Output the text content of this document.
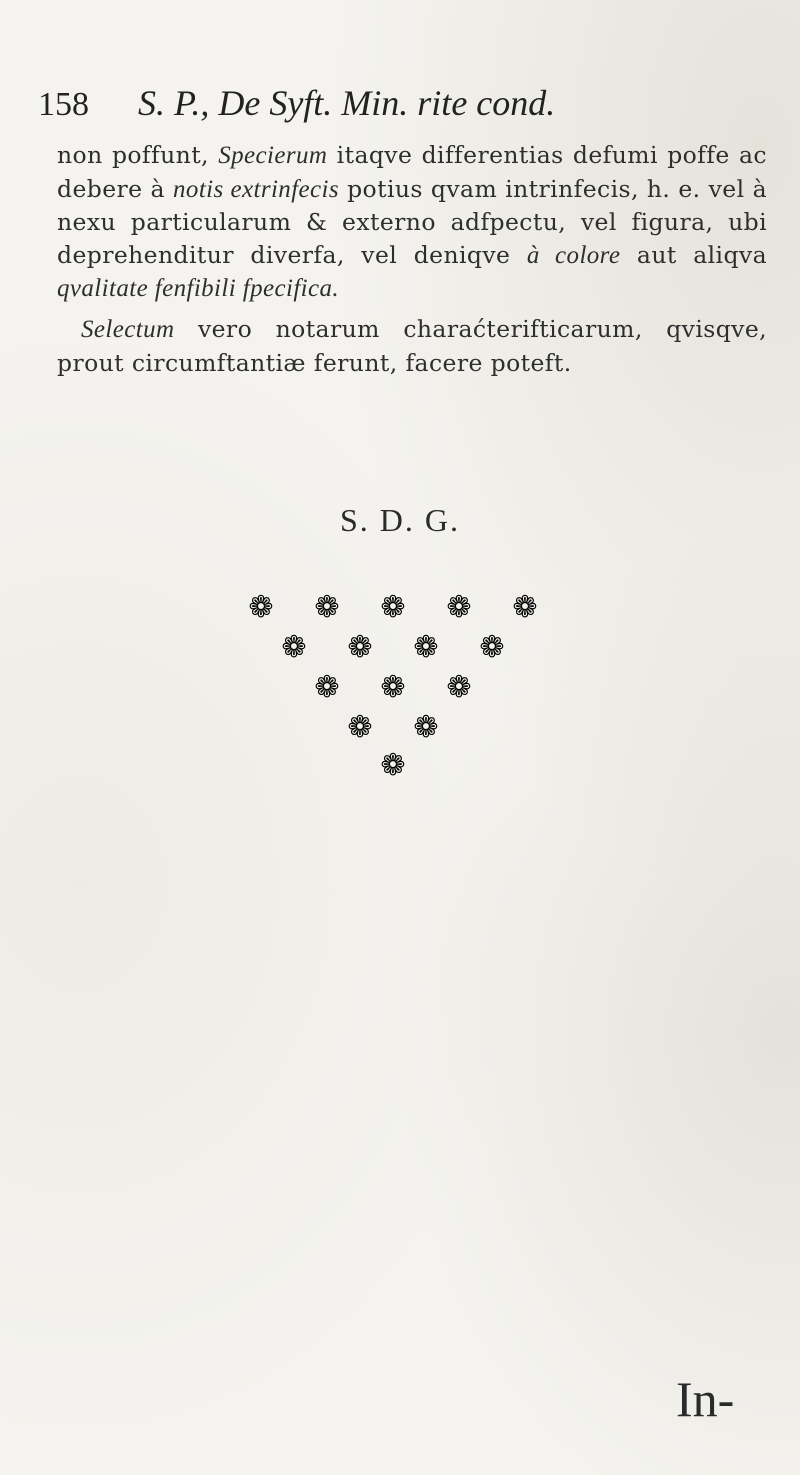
158 S. P., De Syft. Min. rite cond.

non poffunt, Specierum itaqve differentias defumi poffe ac debere à notis extrinfecis potius qvam intrinfecis, h. e. vel à nexu particularum & externo adfpectu, vel figura, ubi deprehenditur diverfa, vel deniqve à colore aut aliqva qvalitate fenfibili fpecifica.

Selectum vero notarum charaćterifticarum, qvisqve, prout circumftantiæ ferunt, facere poteft.

S. D. G.
❁ ❁ ❁ ❁ ❁
❁ ❁ ❁ ❁
❁ ❁ ❁
❁ ❁
❁
In-
